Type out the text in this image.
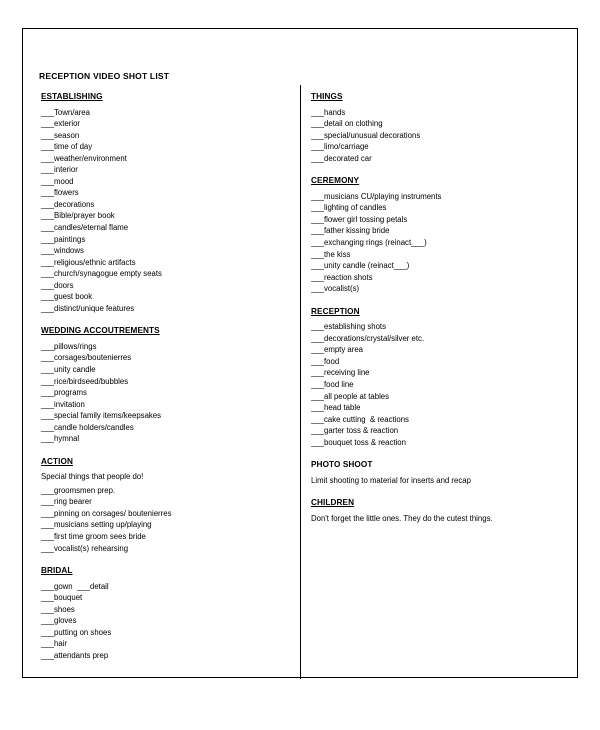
RECEPTION VIDEO SHOT LIST
ESTABLISHING
___Town/area
___exterior
___season
___time of day
___weather/environment
___interior
___mood
___flowers
___decorations
___Bible/prayer book
___candles/eternal flame
___paintings
___windows
___religious/ethnic artifacts
___church/synagogue empty seats
___doors
___guest book
___distinct/unique features
WEDDING ACCOUTREMENTS
___pillows/rings
___corsages/boutenierres
___unity candle
___rice/birdseed/bubbles
___programs
___invitation
___special family items/keepsakes
___candle holders/candles
___hymnal
ACTION
Special things that people do!
___groomsmen prep.
___ring bearer
___pinning on corsages/ boutenierres
___musicians setting up/playing
___first time groom sees bride
___vocalist(s) rehearsing
BRIDAL
___gown  ___detail
___bouquet
___shoes
___gloves
___putting on shoes
___hair
___attendants prep
THINGS
___hands
___detail on clothing
___special/unusual decorations
___limo/carriage
___decorated car
CEREMONY
___musicians CU/playing instruments
___lighting of candles
___flower girl tossing petals
___father kissing bride
___exchanging rings (reinact___)
___the kiss
___unity candle (reinact___)
___reaction shots
___vocalist(s)
RECEPTION
___establishing shots
___decorations/crystal/silver etc.
___empty area
___food
___receiving line
___food line
___all people at tables
___head table
___cake cutting  & reactions
___garter toss & reaction
___bouquet toss & reaction
PHOTO SHOOT
Limit shooting to material for inserts and recap
CHILDREN
Don't forget the little ones. They do the cutest things.
